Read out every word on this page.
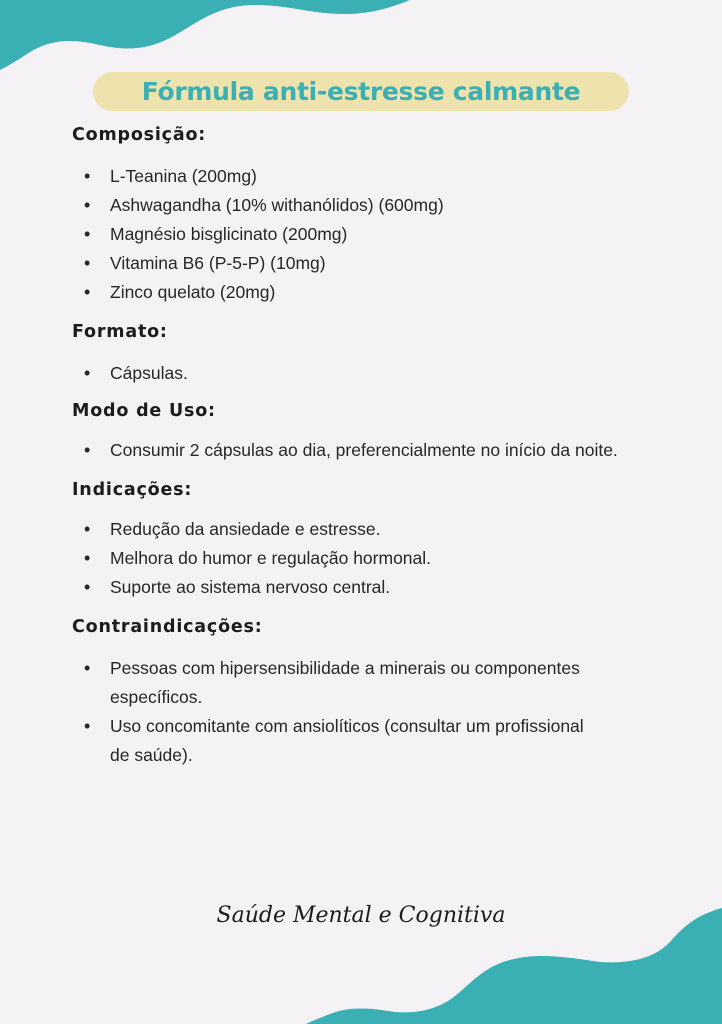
Fórmula anti-estresse calmante
Composição:
• L-Teanina (200mg)
• Ashwagandha (10% withanólidos) (600mg)
• Magnésio bisglicinato (200mg)
• Vitamina B6 (P-5-P) (10mg)
• Zinco quelato (20mg)
Formato:
• Cápsulas.
Modo de Uso:
• Consumir 2 cápsulas ao dia, preferencialmente no início da noite.
Indicações:
• Redução da ansiedade e estresse.
• Melhora do humor e regulação hormonal.
• Suporte ao sistema nervoso central.
Contraindicações:
• Pessoas com hipersensibilidade a minerais ou componentes específicos.
• Uso concomitante com ansiolíticos (consultar um profissional de saúde).
Saúde Mental e Cognitiva
